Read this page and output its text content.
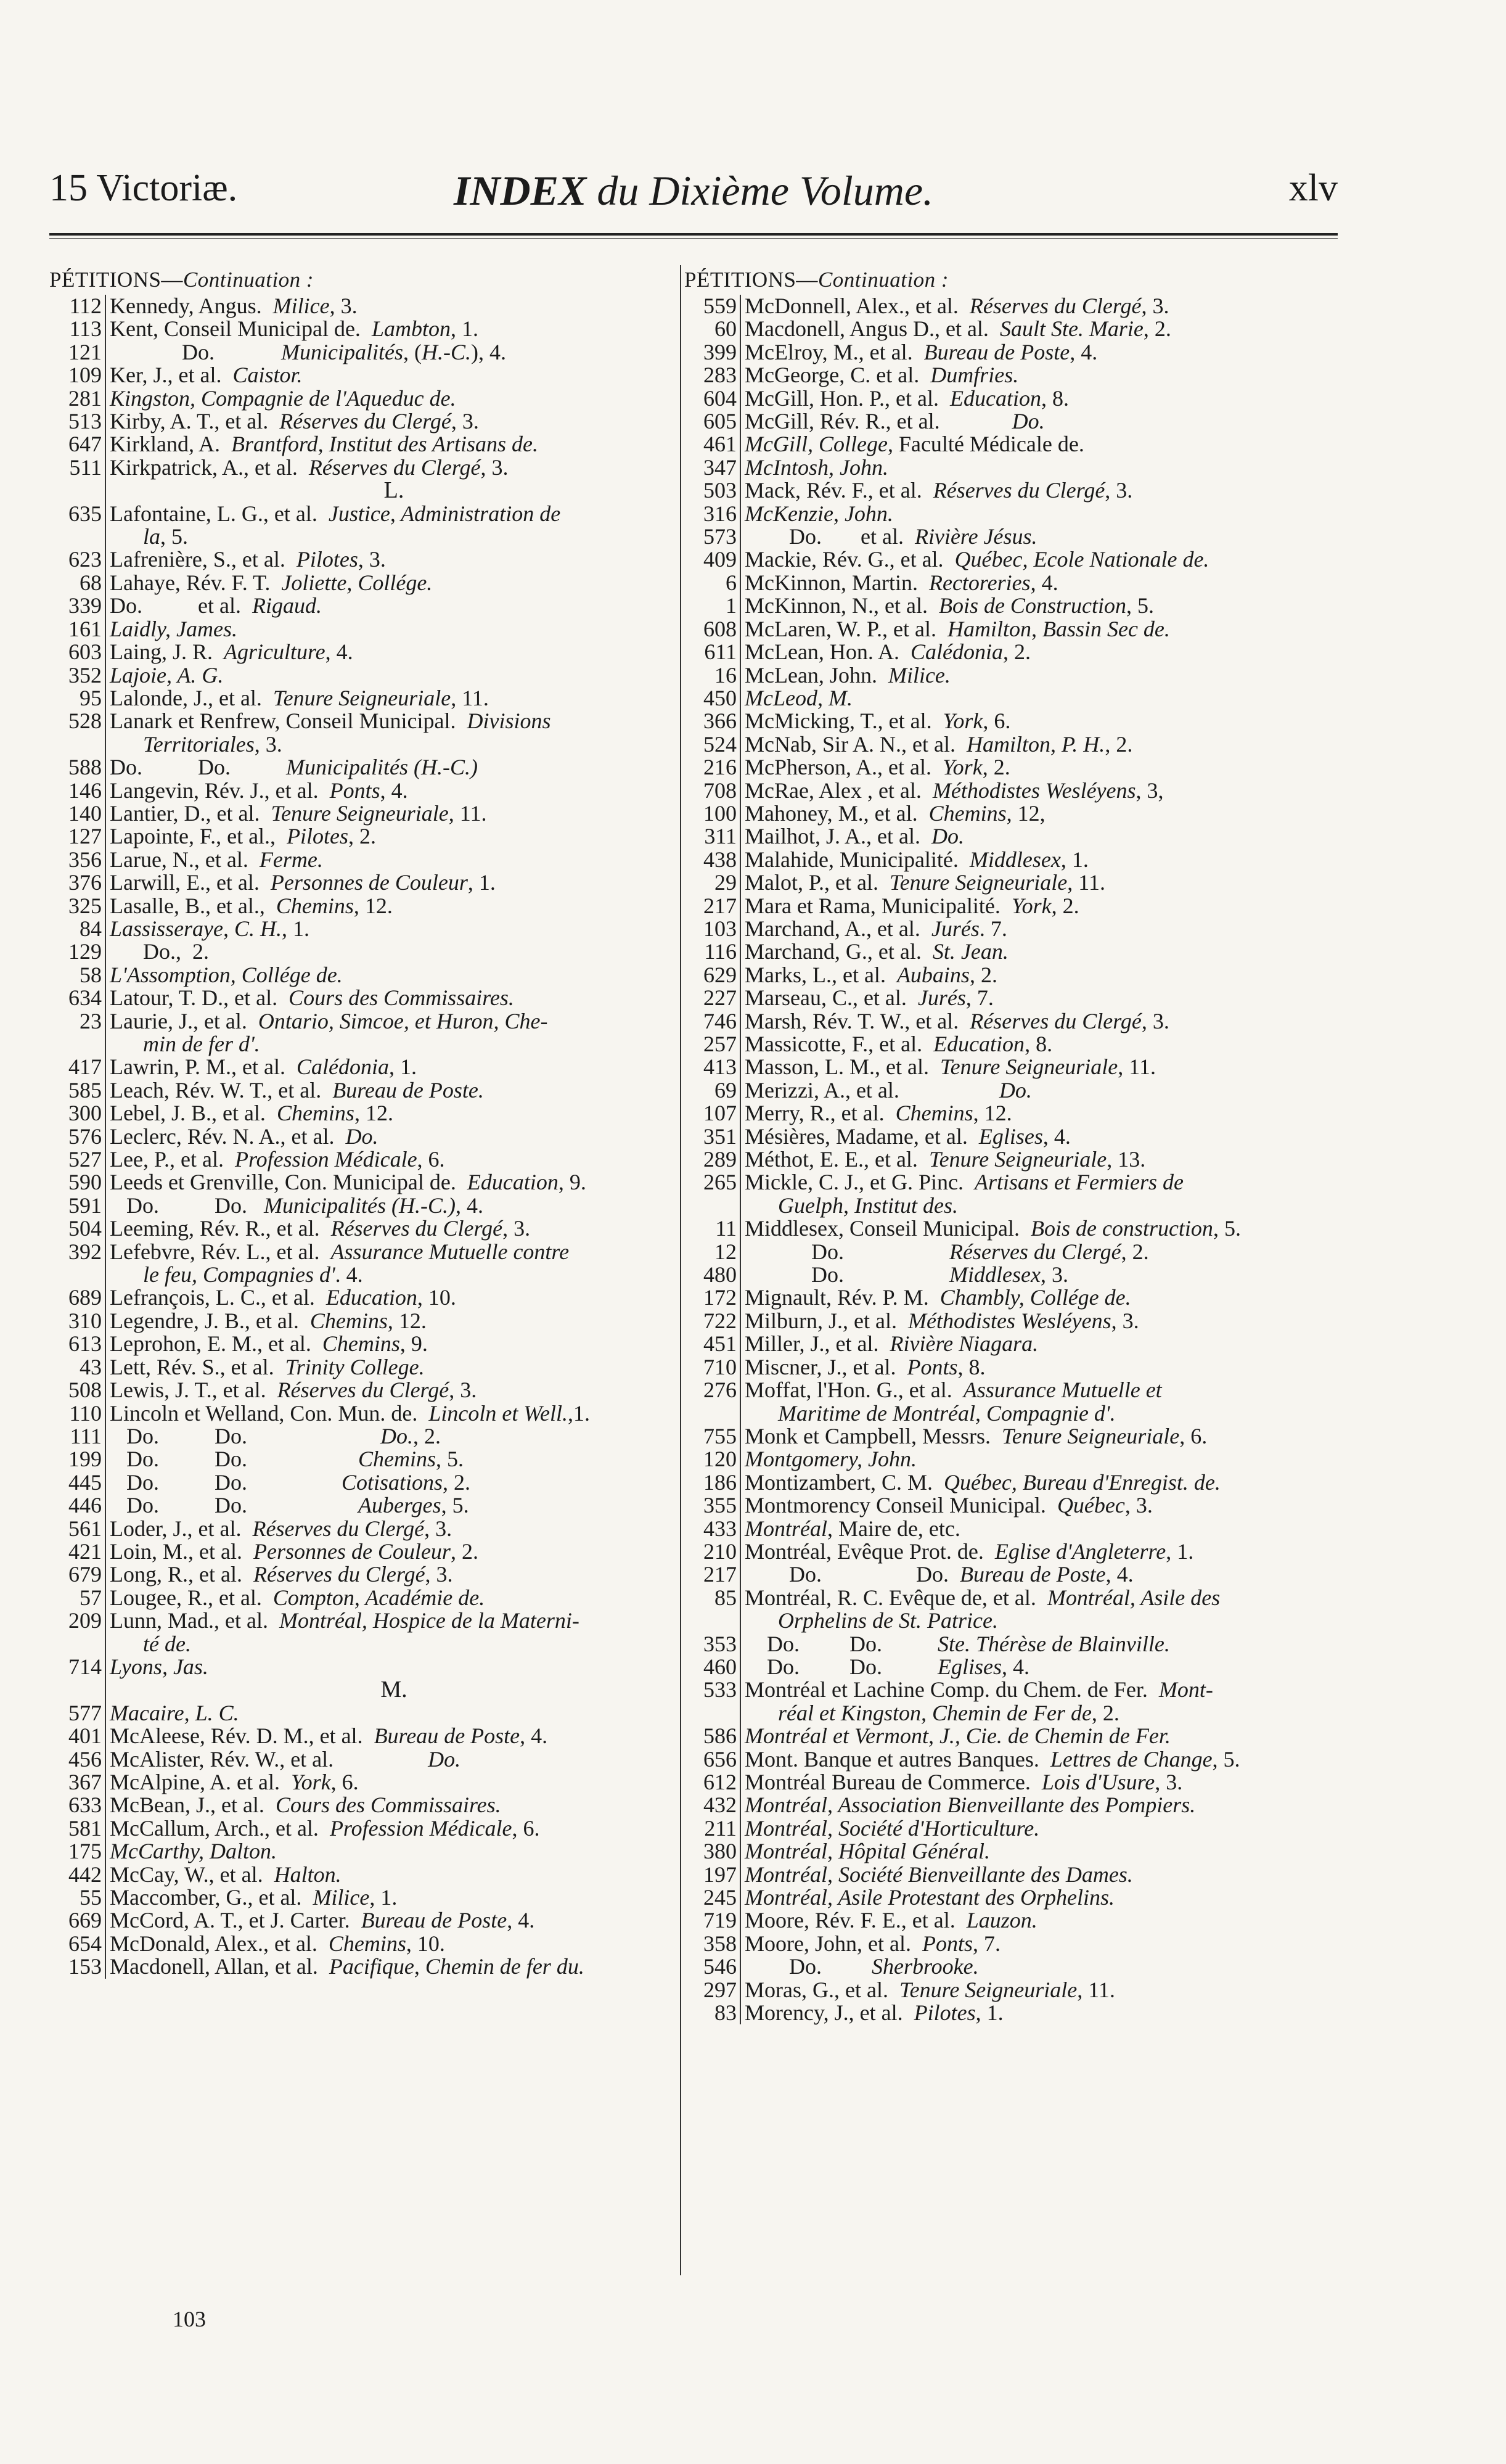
15 Victoriæ.	INDEX du Dixième Volume.	xlv
PÉTITIONS—Continuation :
112 Kennedy, Angus.  Milice, 3.
113 Kent, Conseil Municipal de.  Lambton, 1.
121 Do.            Municipalités, (H.-C.), 4.
109 Ker, J., et al.  Caistor.
281 Kingston, Compagnie de l'Aqueduc de.
513 Kirby, A. T., et al.  Réserves du Clergé, 3.
647 Kirkland, A.  Brantford, Institut des Artisans de.
511 Kirkpatrick, A., et al.  Réserves du Clergé, 3.
L.
635 Lafontaine, L. G., et al.  Justice, Administration de
la, 5.
623 Lafrenière, S., et al.  Pilotes, 3.
68 Lahaye, Rév. F. T.  Joliette, Collége.
339 Do.          et al.  Rigaud.
161 Laidly, James.
603 Laing, J. R.  Agriculture, 4.
352 Lajoie, A. G.
95 Lalonde, J., et al.  Tenure Seigneuriale, 11.
528 Lanark et Renfrew, Conseil Municipal.  Divisions
Territoriales, 3.
588 Do.          Do.          Municipalités (H.-C.)
146 Langevin, Rév. J., et al.  Ponts, 4.
140 Lantier, D., et al.  Tenure Seigneuriale, 11.
127 Lapointe, F., et al.,  Pilotes, 2.
356 Larue, N., et al.  Ferme.
376 Larwill, E., et al.  Personnes de Couleur, 1.
325 Lasalle, B., et al.,  Chemins, 12.
84 Lassisseraye, C. H., 1.
129 Do.,  2.
58 L'Assomption, Collége de.
634 Latour, T. D., et al.  Cours des Commissaires.
23 Laurie, J., et al.  Ontario, Simcoe, et Huron, Che-
min de fer d'.
417 Lawrin, P. M., et al.  Calédonia, 1.
585 Leach, Rév. W. T., et al.  Bureau de Poste.
300 Lebel, J. B., et al.  Chemins, 12.
576 Leclerc, Rév. N. A., et al.  Do.
527 Lee, P., et al.  Profession Médicale, 6.
590 Leeds et Grenville, Con. Municipal de.  Education, 9.
591 Do.          Do.   Municipalités (H.-C.), 4.
504 Leeming, Rév. R., et al.  Réserves du Clergé, 3.
392 Lefebvre, Rév. L., et al.  Assurance Mutuelle contre
le feu, Compagnies d'. 4.
689 Lefrançois, L. C., et al.  Education, 10.
310 Legendre, J. B., et al.  Chemins, 12.
613 Leprohon, E. M., et al.  Chemins, 9.
43 Lett, Rév. S., et al.  Trinity College.
508 Lewis, J. T., et al.  Réserves du Clergé, 3.
110 Lincoln et Welland, Con. Mun. de.  Lincoln et Well.,1.
111 Do.          Do.                        Do., 2.
199 Do.          Do.                    Chemins, 5.
445 Do.          Do.                 Cotisations, 2.
446 Do.          Do.                    Auberges, 5.
561 Loder, J., et al.  Réserves du Clergé, 3.
421 Loin, M., et al.  Personnes de Couleur, 2.
679 Long, R., et al.  Réserves du Clergé, 3.
57 Lougee, R., et al.  Compton, Académie de.
209 Lunn, Mad., et al.  Montréal, Hospice de la Materni-
té de.
714 Lyons, Jas.
M.
577 Macaire, L. C.
401 McAleese, Rév. D. M., et al.  Bureau de Poste, 4.
456 McAlister, Rév. W., et al.                 Do.
367 McAlpine, A. et al.  York, 6.
633 McBean, J., et al.  Cours des Commissaires.
581 McCallum, Arch., et al.  Profession Médicale, 6.
175 McCarthy, Dalton.
442 McCay, W., et al.  Halton.
55 Maccomber, G., et al.  Milice, 1.
669 McCord, A. T., et J. Carter.  Bureau de Poste, 4.
654 McDonald, Alex., et al.  Chemins, 10.
153 Macdonell, Allan, et al.  Pacifique, Chemin de fer du.
PÉTITIONS—Continuation :
559 McDonnell, Alex., et al.  Réserves du Clergé, 3.
60 Macdonell, Angus D., et al.  Sault Ste. Marie, 2.
399 McElroy, M., et al.  Bureau de Poste, 4.
283 McGeorge, C. et al.  Dumfries.
604 McGill, Hon. P., et al.  Education, 8.
605 McGill, Rév. R., et al.             Do.
461 McGill, College, Faculté Médicale de.
347 McIntosh, John.
503 Mack, Rév. F., et al.  Réserves du Clergé, 3.
316 McKenzie, John.
573 Do.       et al.  Rivière Jésus.
409 Mackie, Rév. G., et al.  Québec, Ecole Nationale de.
6 McKinnon, Martin.  Rectoreries, 4.
1 McKinnon, N., et al.  Bois de Construction, 5.
608 McLaren, W. P., et al.  Hamilton, Bassin Sec de.
611 McLean, Hon. A.  Calédonia, 2.
16 McLean, John.  Milice.
450 McLeod, M.
366 McMicking, T., et al.  York, 6.
524 McNab, Sir A. N., et al.  Hamilton, P. H., 2.
216 McPherson, A., et al.  York, 2.
708 McRae, Alex , et al.  Méthodistes Wesléyens, 3,
100 Mahoney, M., et al.  Chemins, 12,
311 Mailhot, J. A., et al.  Do.
438 Malahide, Municipalité.  Middlesex, 1.
29 Malot, P., et al.  Tenure Seigneuriale, 11.
217 Mara et Rama, Municipalité.  York, 2.
103 Marchand, A., et al.  Jurés. 7.
116 Marchand, G., et al.  St. Jean.
629 Marks, L., et al.  Aubains, 2.
227 Marseau, C., et al.  Jurés, 7.
746 Marsh, Rév. T. W., et al.  Réserves du Clergé, 3.
257 Massicotte, F., et al.  Education, 8.
413 Masson, L. M., et al.  Tenure Seigneuriale, 11.
69 Merizzi, A., et al.                  Do.
107 Merry, R., et al.  Chemins, 12.
351 Mésières, Madame, et al.  Eglises, 4.
289 Méthot, E. E., et al.  Tenure Seigneuriale, 13.
265 Mickle, C. J., et G. Pinc.  Artisans et Fermiers de
Guelph, Institut des.
11 Middlesex, Conseil Municipal.  Bois de construction, 5.
12 Do.                   Réserves du Clergé, 2.
480 Do.                   Middlesex, 3.
172 Mignault, Rév. P. M.  Chambly, Collége de.
722 Milburn, J., et al.  Méthodistes Wesléyens, 3.
451 Miller, J., et al.  Rivière Niagara.
710 Miscner, J., et al.  Ponts, 8.
276 Moffat, l'Hon. G., et al.  Assurance Mutuelle et
Maritime de Montréal, Compagnie d'.
755 Monk et Campbell, Messrs.  Tenure Seigneuriale, 6.
120 Montgomery, John.
186 Montizambert, C. M.  Québec, Bureau d'Enregist. de.
355 Montmorency Conseil Municipal.  Québec, 3.
433 Montréal, Maire de, etc.
210 Montréal, Evêque Prot. de.  Eglise d'Angleterre, 1.
217 Do.                 Do.  Bureau de Poste, 4.
85 Montréal, R. C. Evêque de, et al.  Montréal, Asile des
Orphelins de St. Patrice.
353 Do.         Do.          Ste. Thérèse de Blainville.
460 Do.         Do.          Eglises, 4.
533 Montréal et Lachine Comp. du Chem. de Fer.  Mont-
réal et Kingston, Chemin de Fer de, 2.
586 Montréal et Vermont, J., Cie. de Chemin de Fer.
656 Mont. Banque et autres Banques.  Lettres de Change, 5.
612 Montréal Bureau de Commerce.  Lois d'Usure, 3.
432 Montréal, Association Bienveillante des Pompiers.
211 Montréal, Société d'Horticulture.
380 Montréal, Hôpital Général.
197 Montréal, Société Bienveillante des Dames.
245 Montréal, Asile Protestant des Orphelins.
719 Moore, Rév. F. E., et al.  Lauzon.
358 Moore, John, et al.  Ponts, 7.
546 Do.         Sherbrooke.
297 Moras, G., et al.  Tenure Seigneuriale, 11.
83 Morency, J., et al.  Pilotes, 1.
103
